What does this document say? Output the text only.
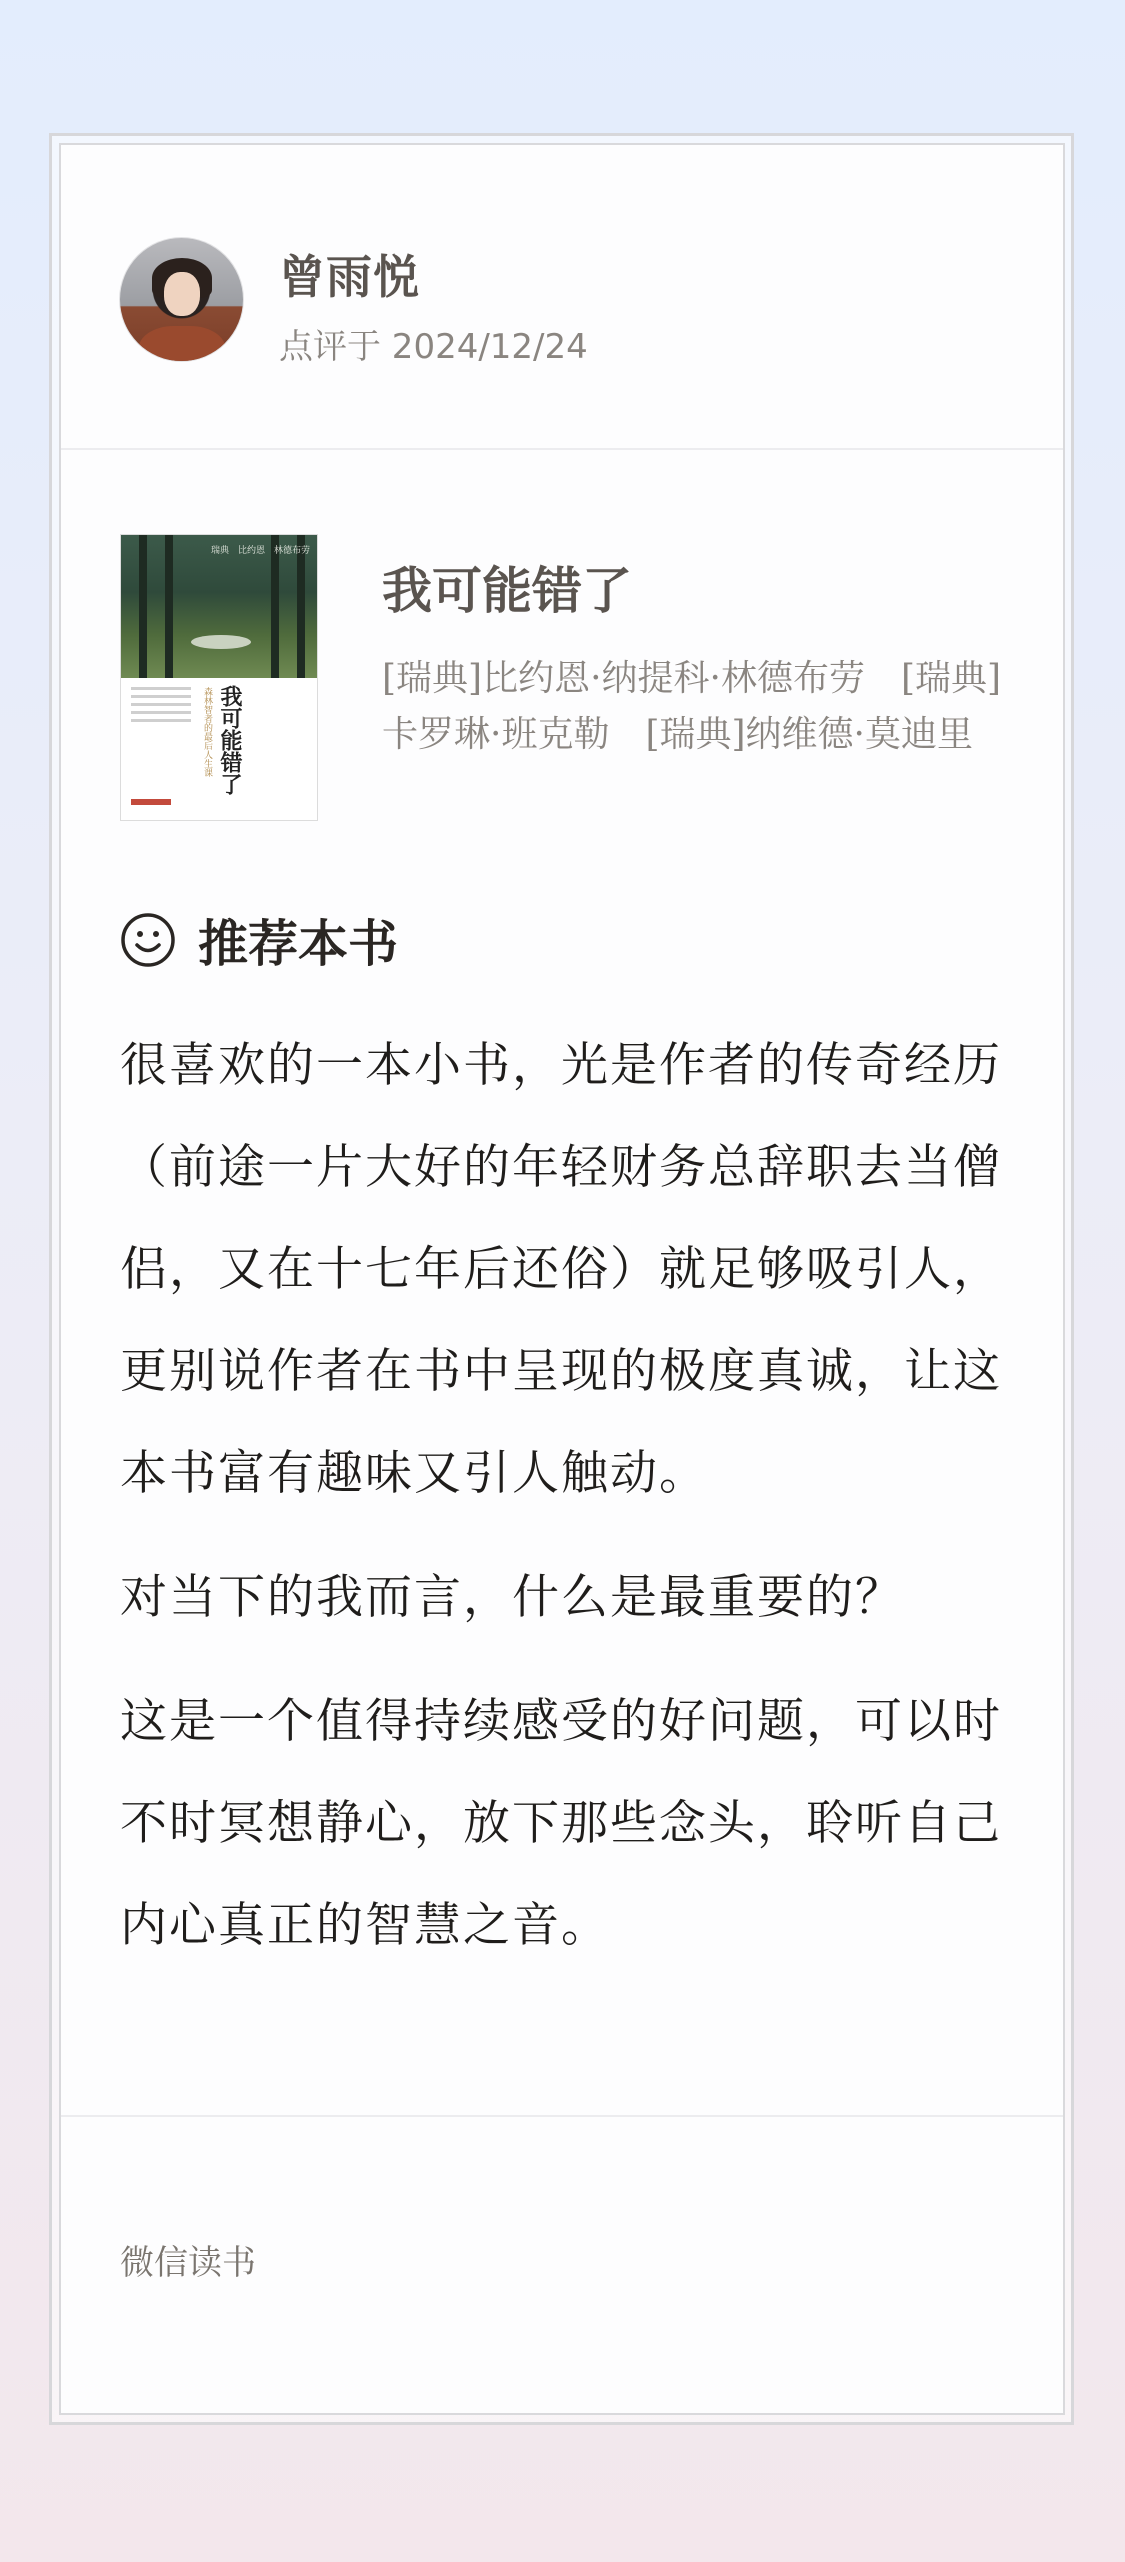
曾雨悦
点评于 2024/12/24
瑞典　比约恩　林德布劳
森林智者的最后人生课 我可能错了
我可能错了
[瑞典]比约恩·纳提科·林德布劳　[瑞典]卡罗琳·班克勒　[瑞典]纳维德·莫迪里
推荐本书

很喜欢的一本小书，光是作者的传奇经历（前途一片大好的年轻财务总辞职去当僧侣，又在十七年后还俗）就足够吸引人，更别说作者在书中呈现的极度真诚，让这本书富有趣味又引人触动。

对当下的我而言，什么是最重要的？

这是一个值得持续感受的好问题，可以时不时冥想静心，放下那些念头，聆听自己内心真正的智慧之音。

微信读书
